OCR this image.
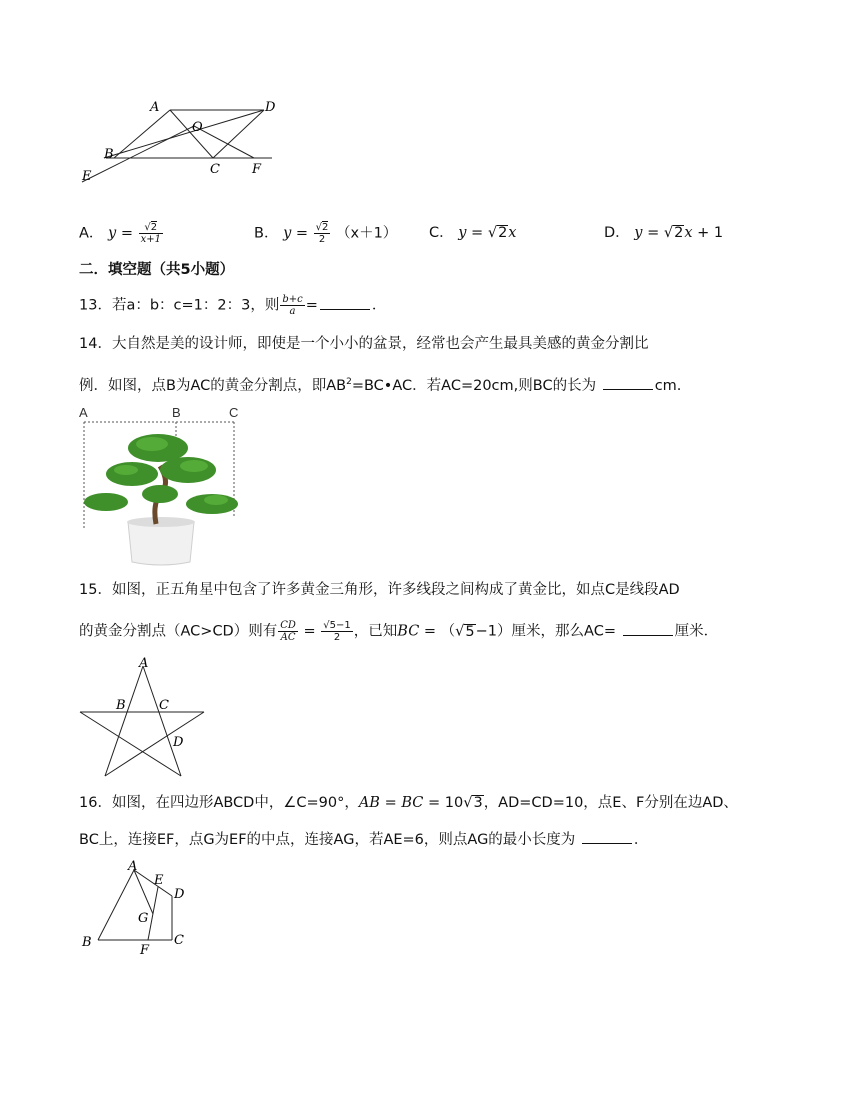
A	D
O
B
C F
E
A． $y = \frac{√2}{x+1}$	B． $y = \frac{√2}{2} (x+1)$ C． y = √2x	D． y = √2x + 1
二．填空题（共5小题）
13．若a：b：c=1：2：3，则 $\frac{b+c}{a}$ =	．
14．大自然是美的设计师，即使是一个小小的盆景，经常也会产生最具美感的黄金分割比
例．如图，点B为AC的黄金分割点，即$AB^2=BC•AC$．若AC=20cm,则BC的长为	cm.
A	B	C
15．如图，正五角星中包含了许多黄金三角形，许多线段之间构成了黄金比，如点C是线段AD
的黄金分割点（AC>CD）则有 $\frac{CD}{AC} = \frac{√5-1}{2}$ ，已知BC = （√5−1）厘米，那么AC=	厘米．
A
B	C
D
16．如图，在四边形ABCD中，∠C=90°，AB = BC = 10√3，AD=CD=10，点E、F分别在边AD、
BC上，连接EF，点G为EF的中点，连接AG，若AE=6，则点AG的最小长度为	．
A
E
D
G
B
F
C
